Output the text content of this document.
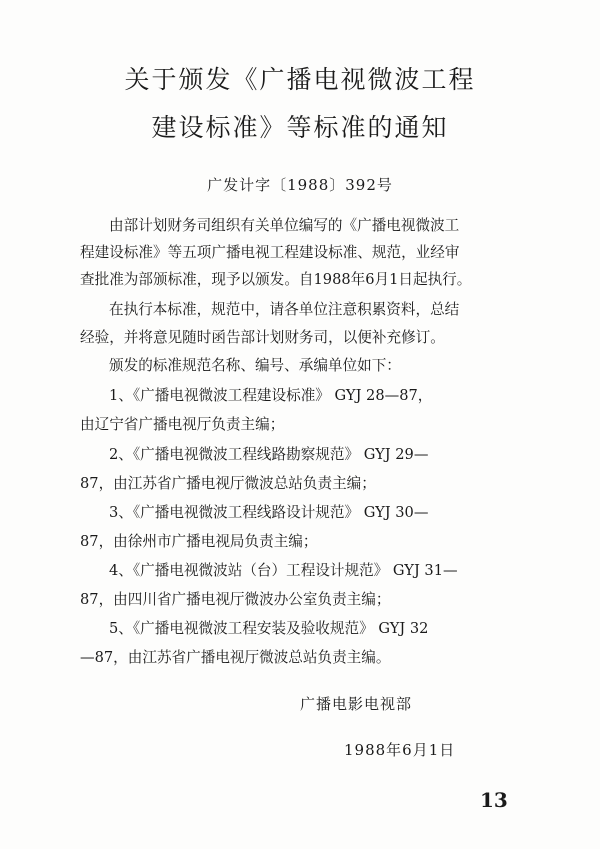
关于颁发《广播电视微波工程
建设标准》等标准的通知
广发计字〔1988〕392号
由部计划财务司组织有关单位编写的《广播电视微波工
程建设标准》等五项广播电视工程建设标准、规范，业经审
查批准为部颁标准，现予以颁发。自1988年6月1日起执行。
在执行本标准，规范中，请各单位注意积累资料，总结
经验，并将意见随时函告部计划财务司，以便补充修订。
颁发的标准规范名称、编号、承编单位如下：
1、《广播电视微波工程建设标准》 GYJ 28—87，
由辽宁省广播电视厅负责主编；
2、《广播电视微波工程线路勘察规范》 GYJ 29—
87，由江苏省广播电视厅微波总站负责主编；
3、《广播电视微波工程线路设计规范》 GYJ 30—
87，由徐州市广播电视局负责主编；
4、《广播电视微波站（台）工程设计规范》 GYJ 31—
87，由四川省广播电视厅微波办公室负责主编；
5、《广播电视微波工程安装及验收规范》 GYJ 32
—87，由江苏省广播电视厅微波总站负责主编。
广播电影电视部
1988年6月1日
13
